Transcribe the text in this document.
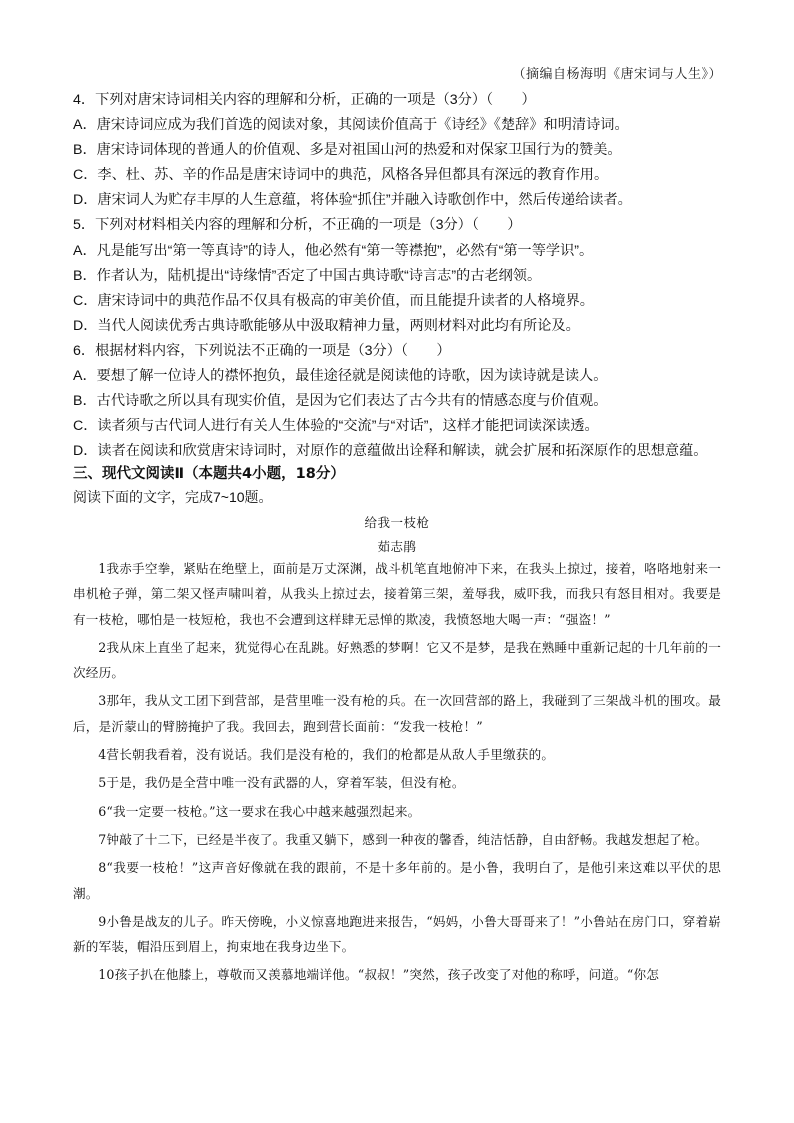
（摘编自杨海明《唐宋词与人生》）
4．下列对唐宋诗词相关内容的理解和分析，正确的一项是（3分）（　　）
A．唐宋诗词应成为我们首选的阅读对象，其阅读价值高于《诗经》《楚辞》和明清诗词。
B．唐宋诗词体现的普通人的价值观、多是对祖国山河的热爱和对保家卫国行为的赞美。
C．李、杜、苏、辛的作品是唐宋诗词中的典范，风格各异但都具有深远的教育作用。
D．唐宋词人为贮存丰厚的人生意蕴，将体验“抓住”并融入诗歌创作中，然后传递给读者。
5．下列对材料相关内容的理解和分析，不正确的一项是（3分）（　　）
A．凡是能写出“第一等真诗”的诗人，他必然有“第一等襟抱”，必然有“第一等学识”。
B．作者认为，陆机提出“诗缘情”否定了中国古典诗歌“诗言志”的古老纲领。
C．唐宋诗词中的典范作品不仅具有极高的审美价值，而且能提升读者的人格境界。
D．当代人阅读优秀古典诗歌能够从中汲取精神力量，两则材料对此均有所论及。
6．根据材料内容，下列说法不正确的一项是（3分）（　　）
A．要想了解一位诗人的襟怀抱负，最佳途径就是阅读他的诗歌，因为读诗就是读人。
B．古代诗歌之所以具有现实价值，是因为它们表达了古今共有的情感态度与价值观。
C．读者须与古代词人进行有关人生体验的“交流”与“对话”，这样才能把词读深读透。
D．读者在阅读和欣赏唐宋诗词时，对原作的意蕴做出诠释和解读，就会扩展和拓深原作的思想意蕴。
三、现代文阅读Ⅱ（本题共4小题，18分）
阅读下面的文字，完成7~10题。
给我一枝枪
茹志鹃

1我赤手空拳，紧贴在绝壁上，面前是万丈深渊，战斗机笔直地俯冲下来，在我头上掠过，接着，咯咯地射来一串机枪子弹，第二架又怪声啸叫着，从我头上掠过去，接着第三架，羞辱我，威吓我，而我只有怒目相对。我要是有一枝枪，哪怕是一枝短枪，我也不会遭到这样肆无忌惮的欺凌，我愤怒地大喝一声：“强盗！”

2我从床上直坐了起来，犹觉得心在乱跳。好熟悉的梦啊！它又不是梦，是我在熟睡中重新记起的十几年前的一次经历。

3那年，我从文工团下到营部，是营里唯一没有枪的兵。在一次回营部的路上，我碰到了三架战斗机的围攻。最后，是沂蒙山的臂膀掩护了我。我回去，跑到营长面前：“发我一枝枪！”

4营长朝我看着，没有说话。我们是没有枪的，我们的枪都是从敌人手里缴获的。

5于是，我仍是全营中唯一没有武器的人，穿着军装，但没有枪。

6“我一定要一枝枪。”这一要求在我心中越来越强烈起来。

7钟敲了十二下，已经是半夜了。我重又躺下，感到一种夜的馨香，纯洁恬静，自由舒畅。我越发想起了枪。

8“我要一枝枪！”这声音好像就在我的跟前，不是十多年前的。是小鲁，我明白了，是他引来这难以平伏的思潮。

9小鲁是战友的儿子。昨天傍晚，小义惊喜地跑进来报告，“妈妈，小鲁大哥哥来了！”小鲁站在房门口，穿着崭新的军装，帽沿压到眉上，拘束地在我身边坐下。

10孩子扒在他膝上，尊敬而又羡慕地端详他。“叔叔！”突然，孩子改变了对他的称呼，问道。“你怎
